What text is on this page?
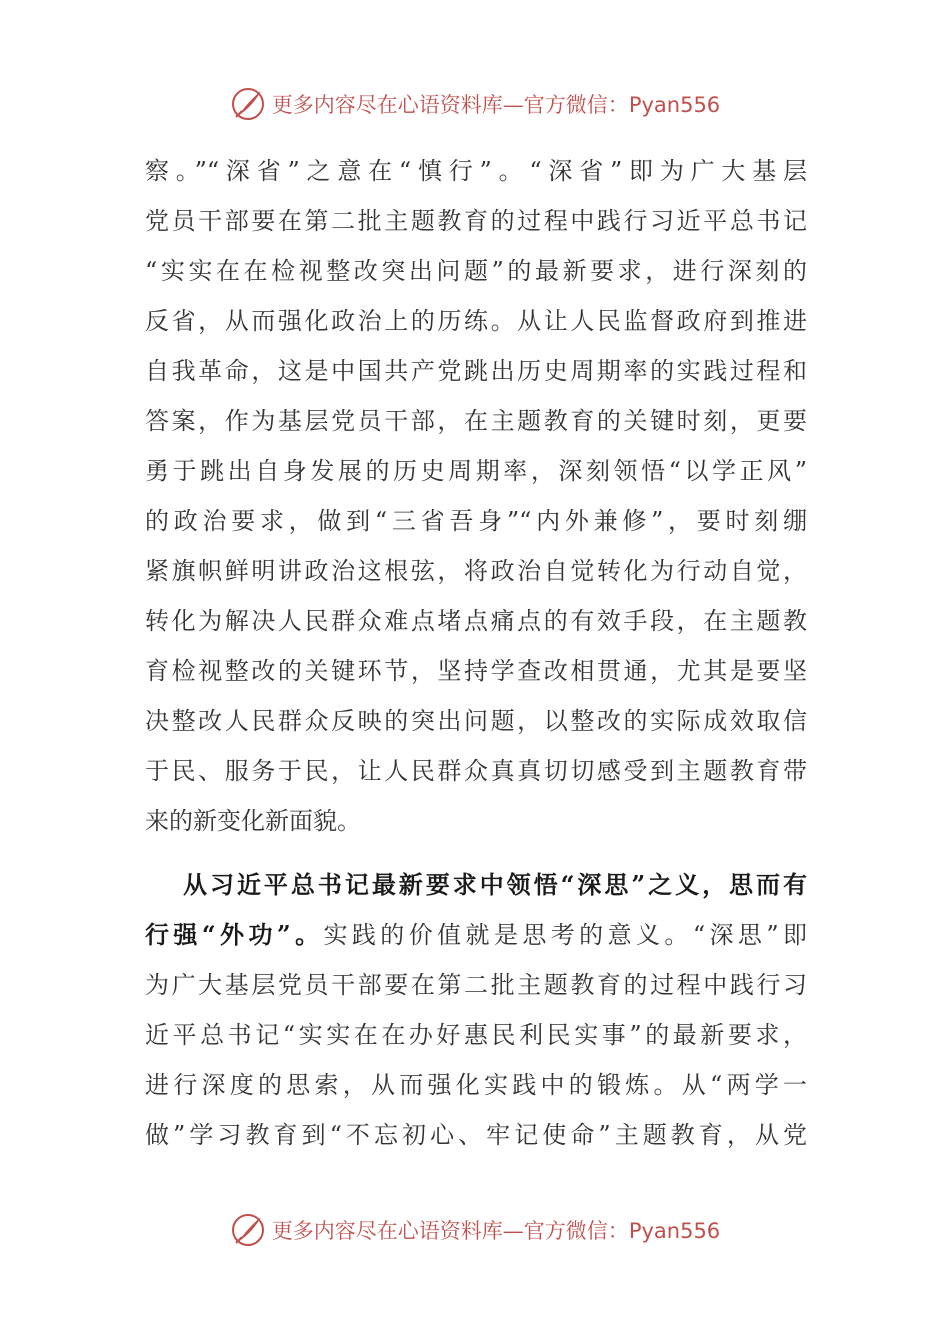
更多内容尽在心语资料库—官方微信：Pyan556
察。”“深省”之意在“慎行”。“深省”即为广大基层
党员干部要在第二批主题教育的过程中践行习近平总书记
“实实在在检视整改突出问题”的最新要求，进行深刻的
反省，从而强化政治上的历练。从让人民监督政府到推进
自我革命，这是中国共产党跳出历史周期率的实践过程和
答案，作为基层党员干部，在主题教育的关键时刻，更要
勇于跳出自身发展的历史周期率，深刻领悟“以学正风”
的政治要求，做到“三省吾身”“内外兼修”，要时刻绷
紧旗帜鲜明讲政治这根弦，将政治自觉转化为行动自觉，
转化为解决人民群众难点堵点痛点的有效手段，在主题教
育检视整改的关键环节，坚持学查改相贯通，尤其是要坚
决整改人民群众反映的突出问题，以整改的实际成效取信
于民、服务于民，让人民群众真真切切感受到主题教育带
来的新变化新面貌。
从习近平总书记最新要求中领悟“深思”之义，思而有
行强“外功”。实践的价值就是思考的意义。“深思”即
为广大基层党员干部要在第二批主题教育的过程中践行习
近平总书记“实实在在办好惠民利民实事”的最新要求，
进行深度的思索，从而强化实践中的锻炼。从“两学一
做”学习教育到“不忘初心、牢记使命”主题教育，从党
更多内容尽在心语资料库—官方微信：Pyan556
